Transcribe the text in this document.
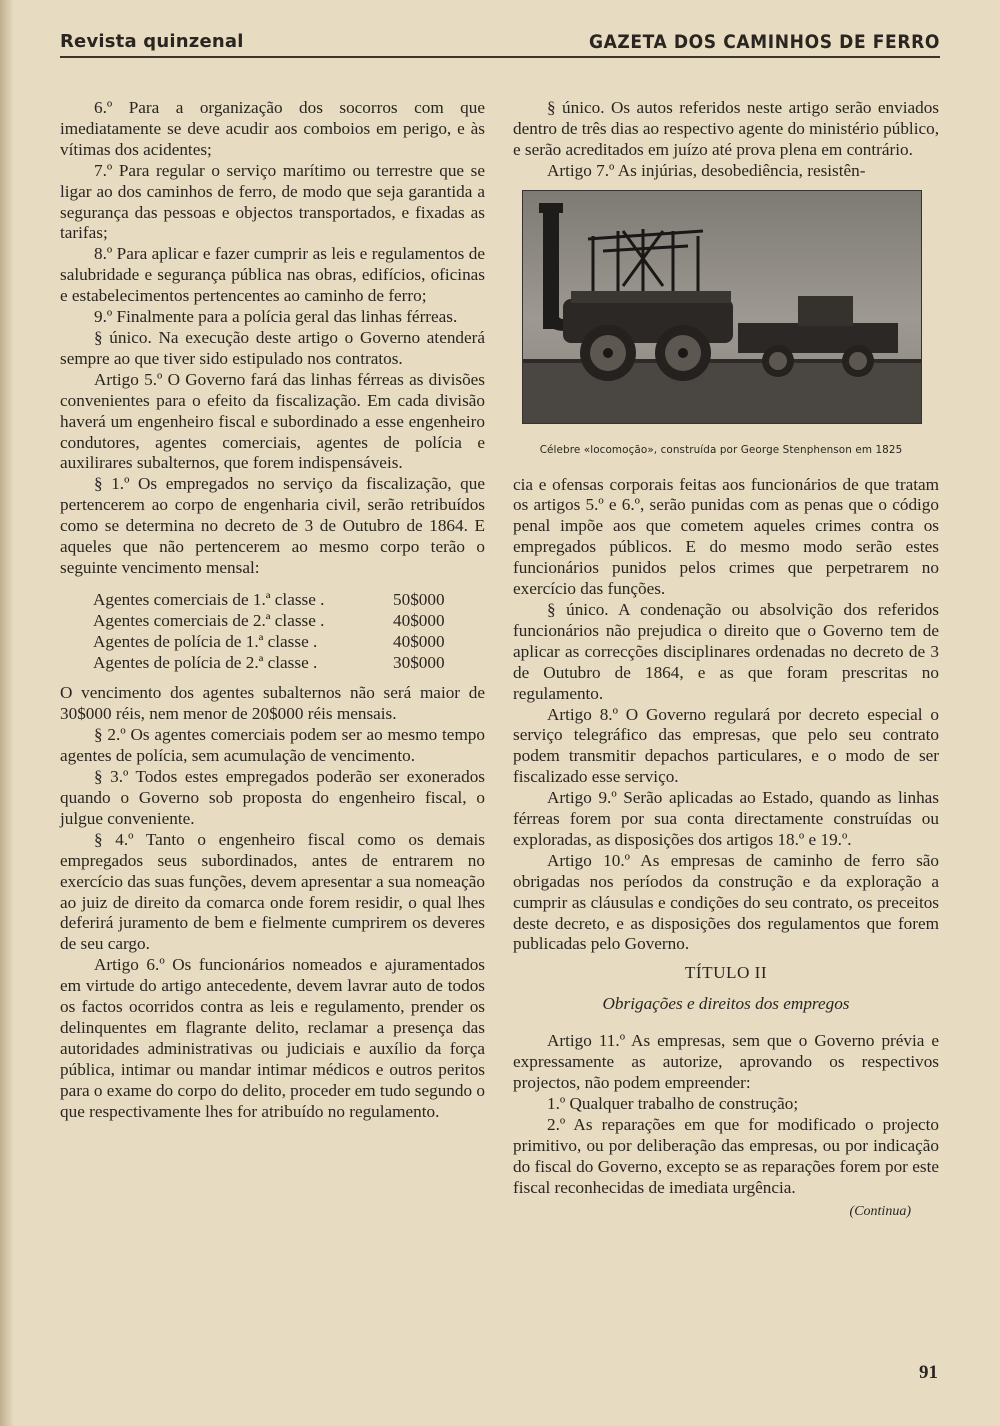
Revista quinzenal	GAZETA DOS CAMINHOS DE FERRO

6.º Para a organização dos socorros com que imediatamente se deve acudir aos comboios em perigo, e às vítimas dos acidentes;

7.º Para regular o serviço marítimo ou terrestre que se ligar ao dos caminhos de ferro, de modo que seja garantida a segurança das pessoas e objectos transportados, e fixadas as tarifas;

8.º Para aplicar e fazer cumprir as leis e regulamentos de salubridade e segurança pública nas obras, edifícios, oficinas e estabelecimentos pertencentes ao caminho de ferro;

9.º Finalmente para a polícia geral das linhas férreas.

§ único. Na execução deste artigo o Governo atenderá sempre ao que tiver sido estipulado nos contratos.

Artigo 5.º O Governo fará das linhas férreas as divisões convenientes para o efeito da fiscalização. Em cada divisão haverá um engenheiro fiscal e subordinado a esse engenheiro condutores, agentes comerciais, agentes de polícia e auxilirares subalternos, que forem indispensáveis.

§ 1.º Os empregados no serviço da fiscalização, que pertencerem ao corpo de engenharia civil, serão retribuídos como se determina no decreto de 3 de Outubro de 1864. E aqueles que não pertencerem ao mesmo corpo terão o seguinte vencimento mensal:

Agentes comerciais de 1.ª classe .	50$000
Agentes comerciais de 2.ª classe .	40$000
Agentes de polícia de 1.ª classe .	40$000
Agentes de polícia de 2.ª classe .	30$000

O vencimento dos agentes subalternos não será maior de 30$000 réis, nem menor de 20$000 réis mensais.

§ 2.º Os agentes comerciais podem ser ao mesmo tempo agentes de polícia, sem acumulação de vencimento.

§ 3.º Todos estes empregados poderão ser exonerados quando o Governo sob proposta do engenheiro fiscal, o julgue conveniente.

§ 4.º Tanto o engenheiro fiscal como os demais empregados seus subordinados, antes de entrarem no exercício das suas funções, devem apresentar a sua nomeação ao juiz de direito da comarca onde forem residir, o qual lhes deferirá juramento de bem e fielmente cumprirem os deveres de seu cargo.

Artigo 6.º Os funcionários nomeados e ajuramentados em virtude do artigo antecedente, devem lavrar auto de todos os factos ocorridos contra as leis e regulamento, prender os delinquentes em flagrante delito, reclamar a presença das autoridades administrativas ou judiciais e auxílio da força pública, intimar ou mandar intimar médicos e outros peritos para o exame do corpo do delito, proceder em tudo segundo o que respectivamente lhes for atribuído no regulamento.

§ único. Os autos referidos neste artigo serão enviados dentro de três dias ao respectivo agente do ministério público, e serão acreditados em juízo até prova plena em contrário.

Artigo 7.º As injúrias, desobediência, resistên-

Célebre «locomoção», construída por George Stenphenson em 1825

cia e ofensas corporais feitas aos funcionários de que tratam os artigos 5.º e 6.º, serão punidas com as penas que o código penal impõe aos que cometem aqueles crimes contra os empregados públicos. E do mesmo modo serão estes funcionários punidos pelos crimes que perpetrarem no exercício das funções.

§ único. A condenação ou absolvição dos referidos funcionários não prejudica o direito que o Governo tem de aplicar as correcções disciplinares ordenadas no decreto de 3 de Outubro de 1864, e as que foram prescritas no regulamento.

Artigo 8.º O Governo regulará por decreto especial o serviço telegráfico das empresas, que pelo seu contrato podem transmitir depachos particulares, e o modo de ser fiscalizado esse serviço.

Artigo 9.º Serão aplicadas ao Estado, quando as linhas férreas forem por sua conta directamente construídas ou exploradas, as disposições dos artigos 18.º e 19.º.

Artigo 10.º As empresas de caminho de ferro são obrigadas nos períodos da construção e da exploração a cumprir as cláusulas e condições do seu contrato, os preceitos deste decreto, e as disposições dos regulamentos que forem publicadas pelo Governo.

TÍTULO II

Obrigações e direitos dos empregos

Artigo 11.º As empresas, sem que o Governo prévia e expressamente as autorize, aprovando os respectivos projectos, não podem empreender:

1.º Qualquer trabalho de construção;

2.º As reparações em que for modificado o projecto primitivo, ou por deliberação das empresas, ou por indicação do fiscal do Governo, excepto se as reparações forem por este fiscal reconhecidas de imediata urgência.

(Continua)

91
